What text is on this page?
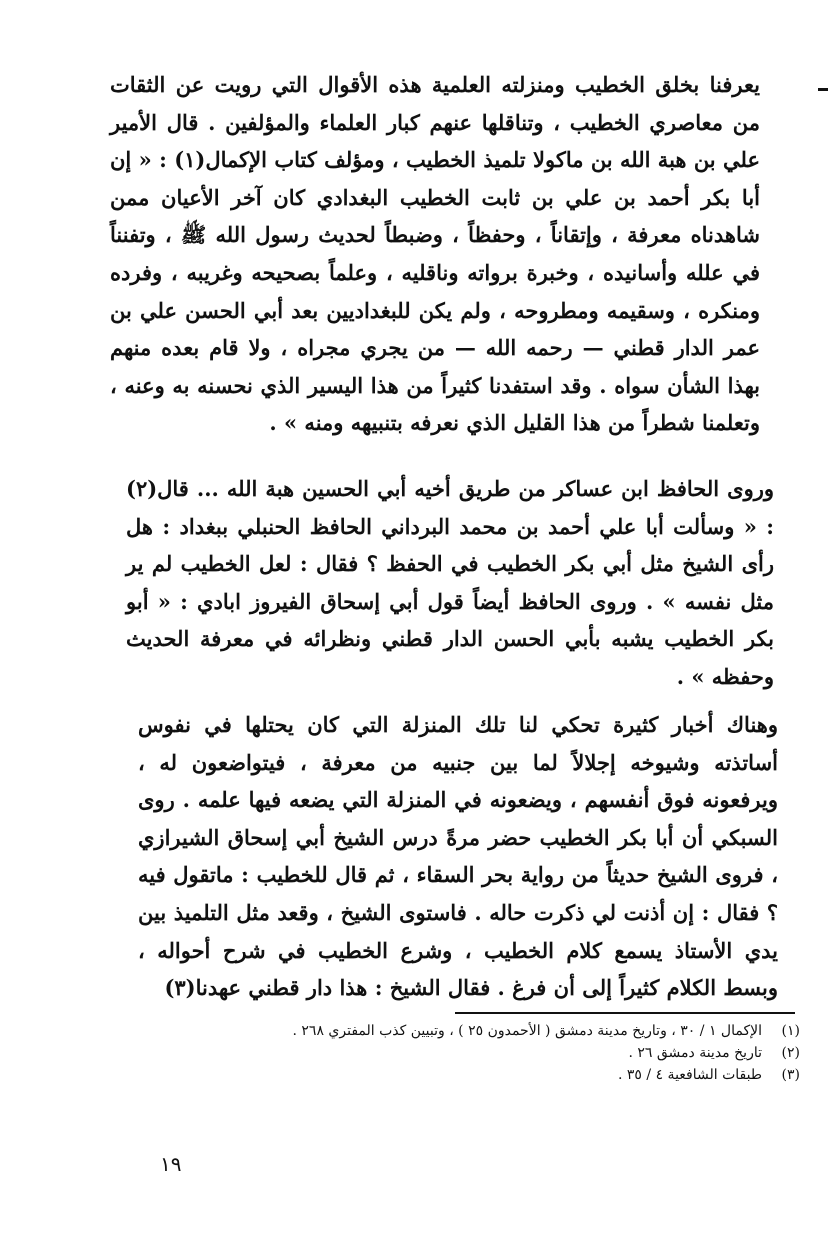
يعرفنا بخلق الخطيب ومنزلته العلمية هذه الأقوال التي رويت عن الثقات من معاصري الخطيب ، وتناقلها عنهم كبار العلماء والمؤلفين . قال الأمير علي بن هبة الله بن ماكولا تلميذ الخطيب ، ومؤلف كتاب الإكمال(١) : « إن أبا بكر أحمد بن علي بن ثابت الخطيب البغدادي كان آخر الأعيان ممن شاهدناه معرفة ، وإتقاناً ، وحفظاً ، وضبطاً لحديث رسول الله ﷺ ، وتفنناً في علله وأسانيده ، وخبرة برواته وناقليه ، وعلماً بصحيحه وغريبه ، وفرده ومنكره ، وسقيمه ومطروحه ، ولم يكن للبغداديين بعد أبي الحسن علي بن عمر الدار قطني — رحمه الله — من يجري مجراه ، ولا قام بعده منهم بهذا الشأن سواه . وقد استفدنا كثيراً من هذا اليسير الذي نحسنه به وعنه ، وتعلمنا شطراً من هذا القليل الذي نعرفه بتنبيهه ومنه » .

وروى الحافظ ابن عساكر من طريق أخيه أبي الحسين هبة الله ... قال(٢) : « وسألت أبا علي أحمد بن محمد البرداني الحافظ الحنبلي ببغداد : هل رأى الشيخ مثل أبي بكر الخطيب في الحفظ ؟ فقال : لعل الخطيب لم ير مثل نفسه » . وروى الحافظ أيضاً قول أبي إسحاق الفيروز ابادي : « أبو بكر الخطيب يشبه بأبي الحسن الدار قطني ونظرائه في معرفة الحديث وحفظه » .

وهناك أخبار كثيرة تحكي لنا تلك المنزلة التي كان يحتلها في نفوس أساتذته وشيوخه إجلالاً لما بين جنبيه من معرفة ، فيتواضعون له ، ويرفعونه فوق أنفسهم ، ويضعونه في المنزلة التي يضعه فيها علمه . روى السبكي أن أبا بكر الخطيب حضر مرةً درس الشيخ أبي إسحاق الشيرازي ، فروى الشيخ حديثاً من رواية بحر السقاء ، ثم قال للخطيب : ماتقول فيه ؟ فقال : إن أذنت لي ذكرت حاله . فاستوى الشيخ ، وقعد مثل التلميذ بين يدي الأستاذ يسمع كلام الخطيب ، وشرع الخطيب في شرح أحواله ، وبسط الكلام كثيراً إلى أن فرغ . فقال الشيخ : هذا دار قطني عهدنا(٣)

(١)
الإكمال ١ / ٣٠ ، وتاريخ مدينة دمشق ( الأحمدون ٢٥ ) ، وتبيين كذب المفتري ٢٦٨ .
(٢)
تاريخ مدينة دمشق ٢٦ .
(٣)
طبقات الشافعية ٤ / ٣٥ .
١٩
